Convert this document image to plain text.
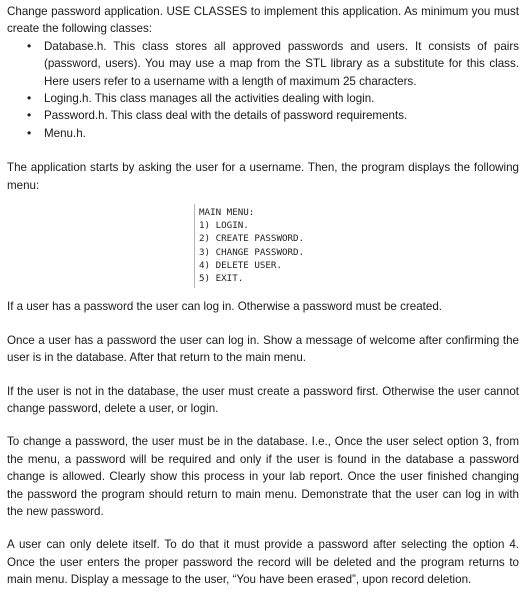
Change password application. USE CLASSES to implement this application. As minimum you must create the following classes:

• Database.h. This class stores all approved passwords and users. It consists of pairs (password, users). You may use a map from the STL library as a substitute for this class. Here users refer to a username with a length of maximum 25 characters.
• Loging.h. This class manages all the activities dealing with login.
• Password.h. This class deal with the details of password requirements.
• Menu.h.

The application starts by asking the user for a username. Then, the program displays the following menu:

MAIN MENU:
1) LOGIN.
2) CREATE PASSWORD.
3) CHANGE PASSWORD.
4) DELETE USER.
5) EXIT.

If a user has a password the user can log in. Otherwise a password must be created.

Once a user has a password the user can log in. Show a message of welcome after confirming the user is in the database. After that return to the main menu.

If the user is not in the database, the user must create a password first. Otherwise the user cannot change password, delete a user, or login.

To change a password, the user must be in the database. I.e., Once the user select option 3, from the menu, a password will be required and only if the user is found in the database a password change is allowed. Clearly show this process in your lab report. Once the user finished changing the password the program should return to main menu. Demonstrate that the user can log in with the new password.

A user can only delete itself. To do that it must provide a password after selecting the option 4. Once the user enters the proper password the record will be deleted and the program returns to main menu. Display a message to the user, “You have been erased”, upon record deletion.
